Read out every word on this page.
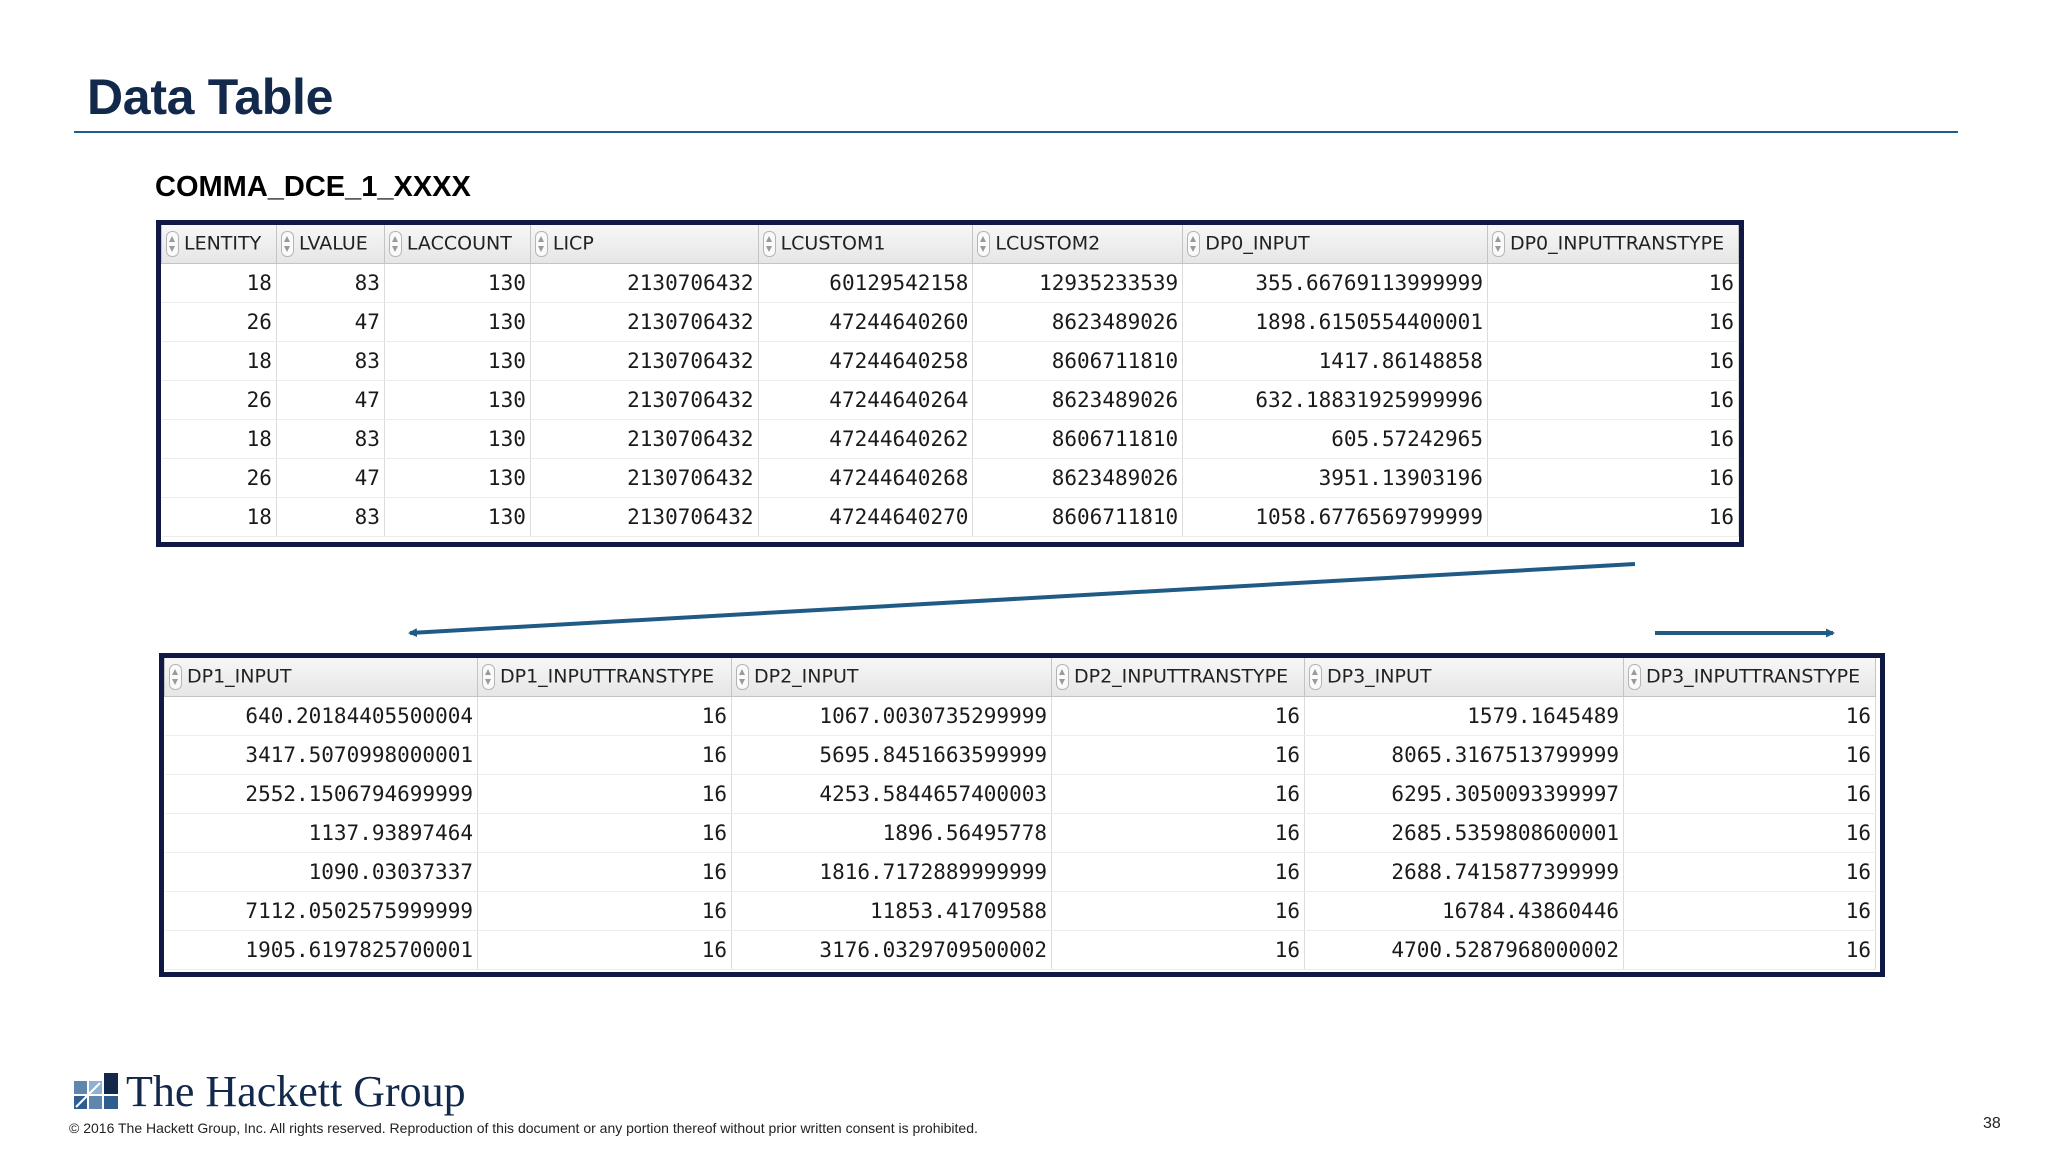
Data Table
COMMA_DCE_1_XXXX
LENTITY	LVALUE	LACCOUNT	LICP	LCUSTOM1	LCUSTOM2	DP0_INPUT	DP0_INPUTTRANSTYPE
18	83	130	2130706432	60129542158	12935233539	355.66769113999999	16
26	47	130	2130706432	47244640260	8623489026	1898.6150554400001	16
18	83	130	2130706432	47244640258	8606711810	1417.86148858	16
26	47	130	2130706432	47244640264	8623489026	632.18831925999996	16
18	83	130	2130706432	47244640262	8606711810	605.57242965	16
26	47	130	2130706432	47244640268	8623489026	3951.13903196	16
18	83	130	2130706432	47244640270	8606711810	1058.6776569799999	16
DP1_INPUT	DP1_INPUTTRANSTYPE	DP2_INPUT	DP2_INPUTTRANSTYPE	DP3_INPUT	DP3_INPUTTRANSTYPE
640.20184405500004	16	1067.0030735299999	16	1579.1645489	16
3417.5070998000001	16	5695.8451663599999	16	8065.3167513799999	16
2552.1506794699999	16	4253.5844657400003	16	6295.3050093399997	16
1137.93897464	16	1896.56495778	16	2685.5359808600001	16
1090.03037337	16	1816.7172889999999	16	2688.7415877399999	16
7112.0502575999999	16	11853.41709588	16	16784.43860446	16
1905.6197825700001	16	3176.0329709500002	16	4700.5287968000002	16
The Hackett Group
© 2016 The Hackett Group, Inc. All rights reserved. Reproduction of this document or any portion thereof without prior written consent is prohibited.	38
